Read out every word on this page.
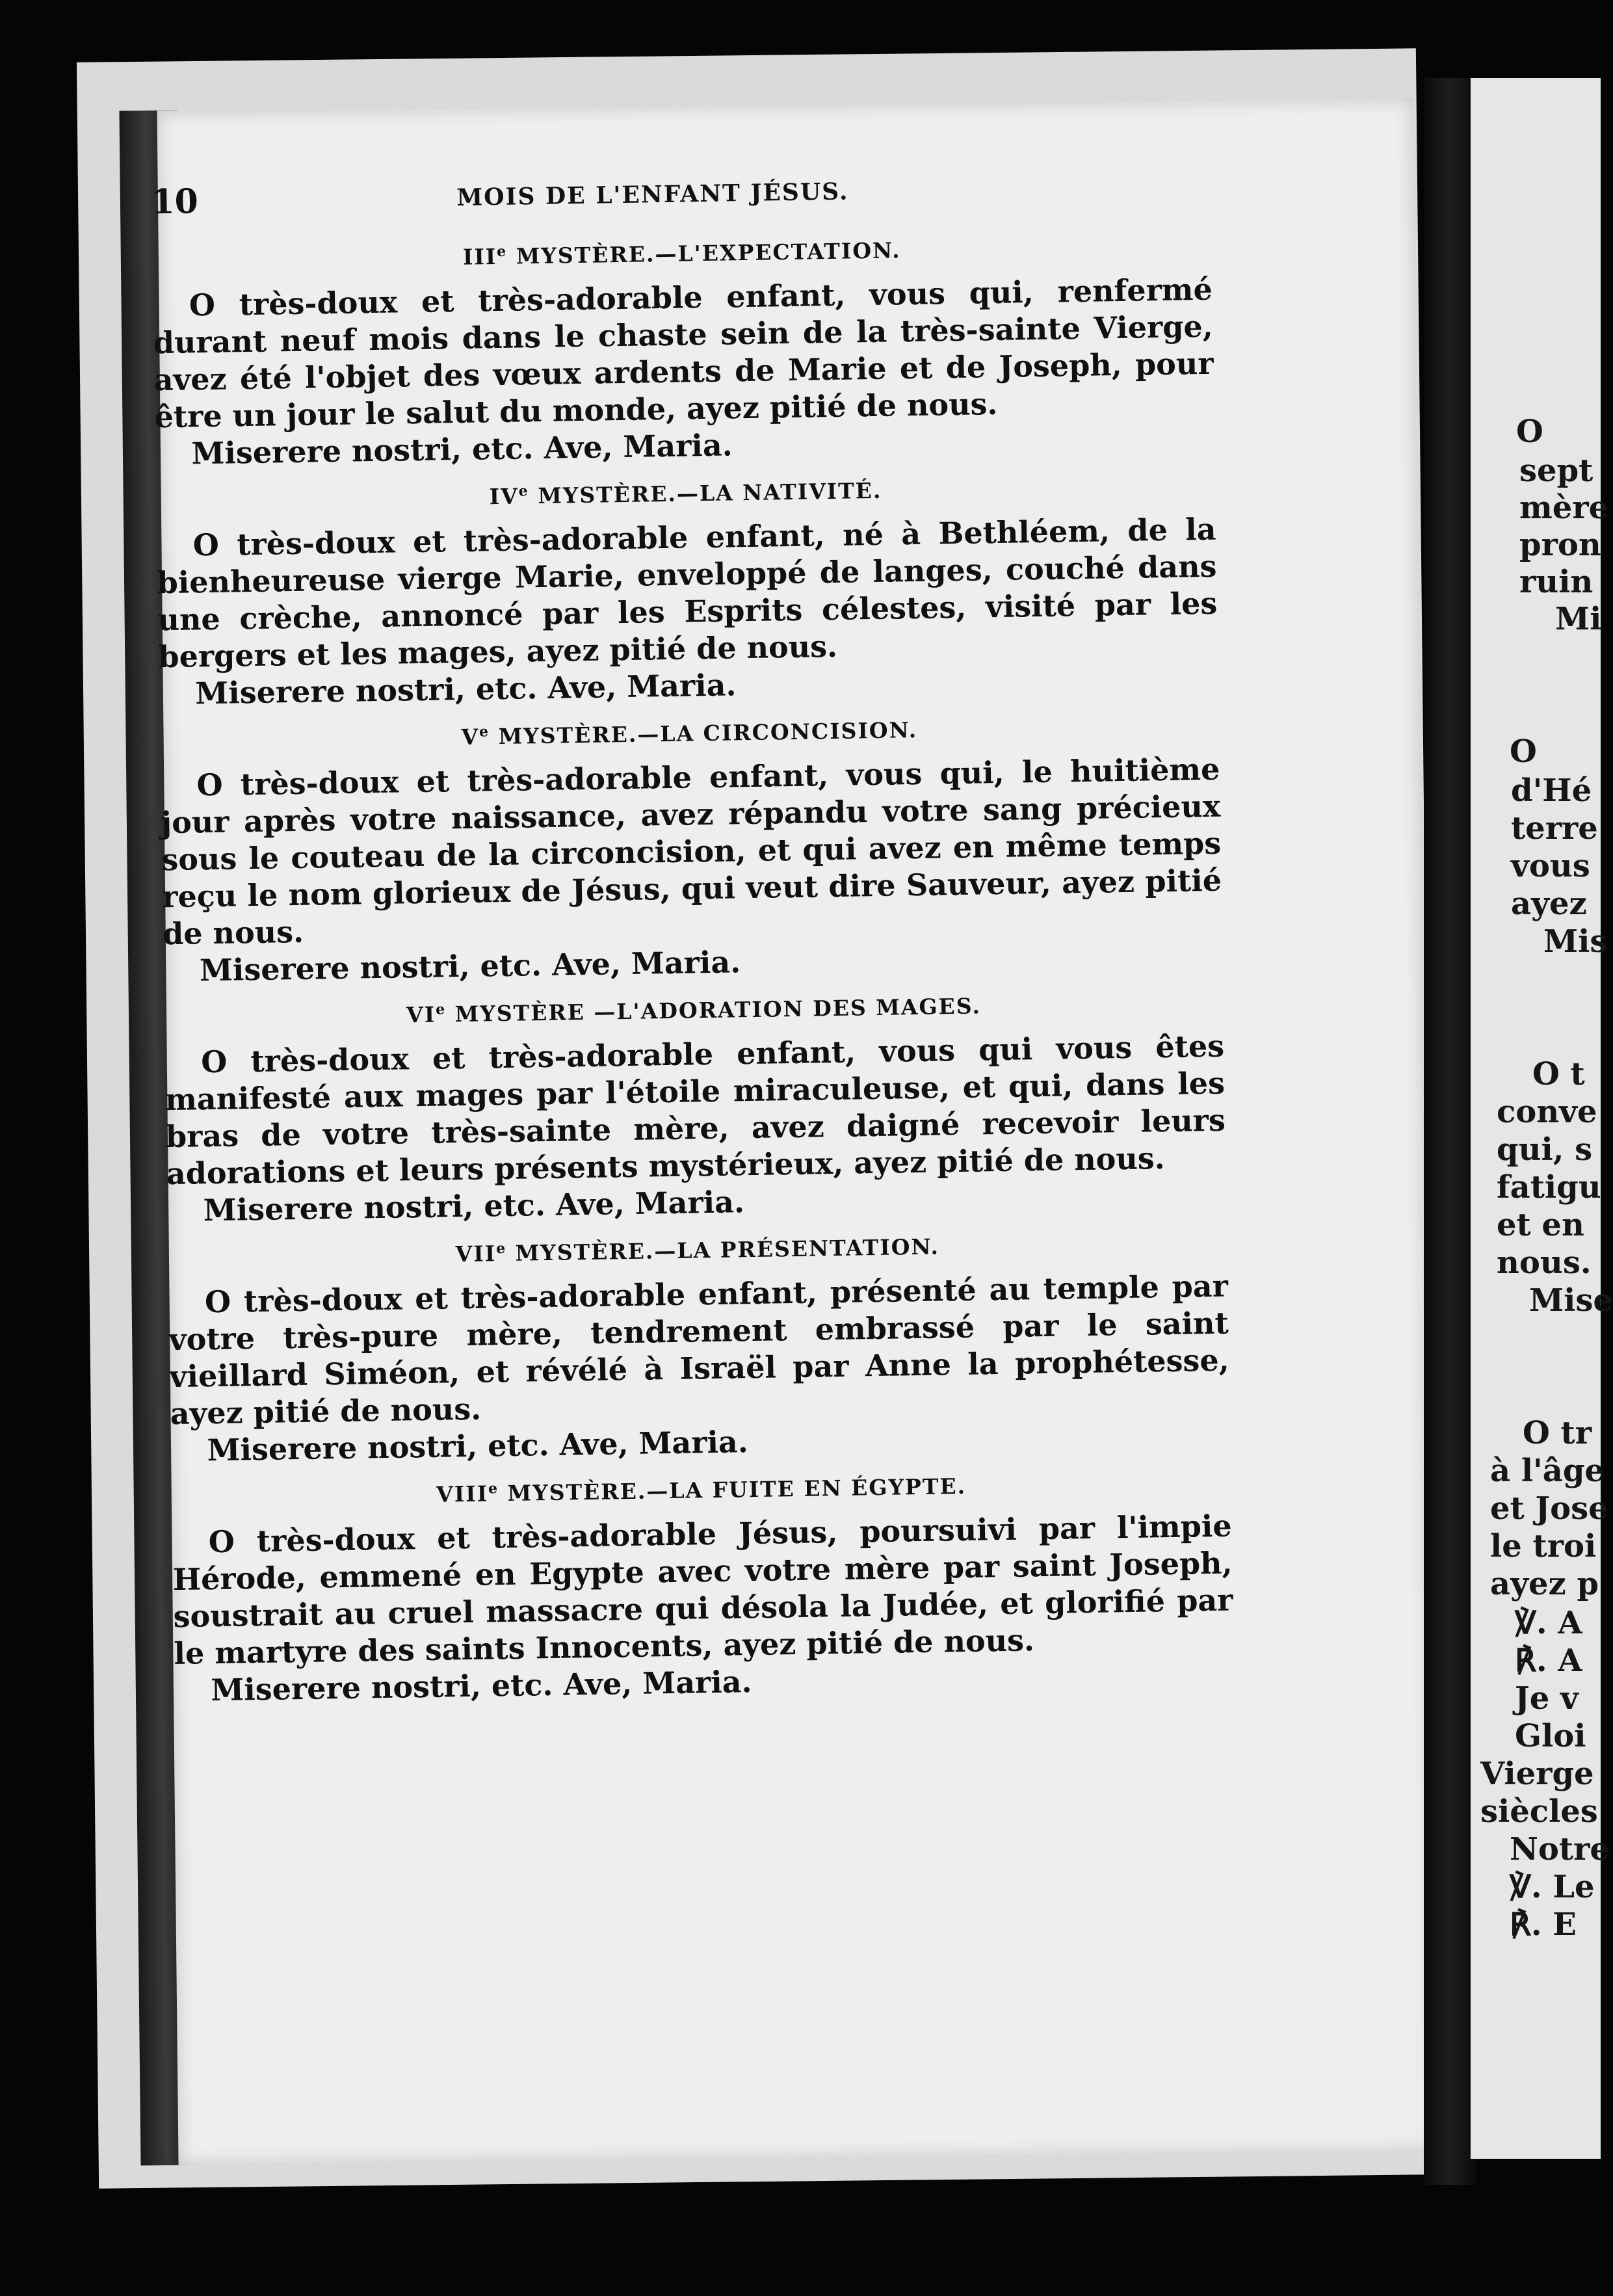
10	MOIS DE L'ENFANT JÉSUS.
IIIe MYSTÈRE.—L'EXPECTATION.

O très-doux et très-adorable enfant, vous qui, renfermé durant neuf mois dans le chaste sein de la très-sainte Vierge, avez été l'objet des vœux ardents de Marie et de Joseph, pour être un jour le salut du monde, ayez pitié de nous.

Miserere nostri, etc. Ave, Maria.

IVe MYSTÈRE.—LA NATIVITÉ.

O très-doux et très-adorable enfant, né à Bethléem, de la bienheureuse vierge Marie, enveloppé de langes, couché dans une crèche, annoncé par les Esprits célestes, visité par les bergers et les mages, ayez pitié de nous.

Miserere nostri, etc. Ave, Maria.

Ve MYSTÈRE.—LA CIRCONCISION.

O très-doux et très-adorable enfant, vous qui, le huitième jour après votre naissance, avez répandu votre sang précieux sous le couteau de la circoncision, et qui avez en même temps reçu le nom glorieux de Jésus, qui veut dire Sauveur, ayez pitié de nous.

Miserere nostri, etc. Ave, Maria.

VIe MYSTÈRE —L'ADORATION DES MAGES.

O très-doux et très-adorable enfant, vous qui vous êtes manifesté aux mages par l'étoile miraculeuse, et qui, dans les bras de votre très-sainte mère, avez daigné recevoir leurs adorations et leurs présents mystérieux, ayez pitié de nous.

Miserere nostri, etc. Ave, Maria.

VIIe MYSTÈRE.—LA PRÉSENTATION.

O très-doux et très-adorable enfant, présenté au temple par votre très-pure mère, tendrement embrassé par le saint vieillard Siméon, et révélé à Israël par Anne la prophétesse, ayez pitié de nous.

Miserere nostri, etc. Ave, Maria.

VIIIe MYSTÈRE.—LA FUITE EN ÉGYPTE.

O très-doux et très-adorable Jésus, poursuivi par l'impie Hérode, emmené en Egypte avec votre mère par saint Joseph, soustrait au cruel massacre qui désola la Judée, et glorifié par le martyre des saints Innocents, ayez pitié de nous.

Miserere nostri, etc. Ave, Maria.

O
sept
mère
pron
ruin
Mi
O
d'Hé
terre
vous
ayez
Mis
O t
conve
qui, s
fatigu
et en
nous.
Mise
O tr
à l'âge
et Jose
le troi
ayez p
℣. A
℟. A
Je v
Gloi
Vierge
siècles
Notre
℣. Le
℟. E
